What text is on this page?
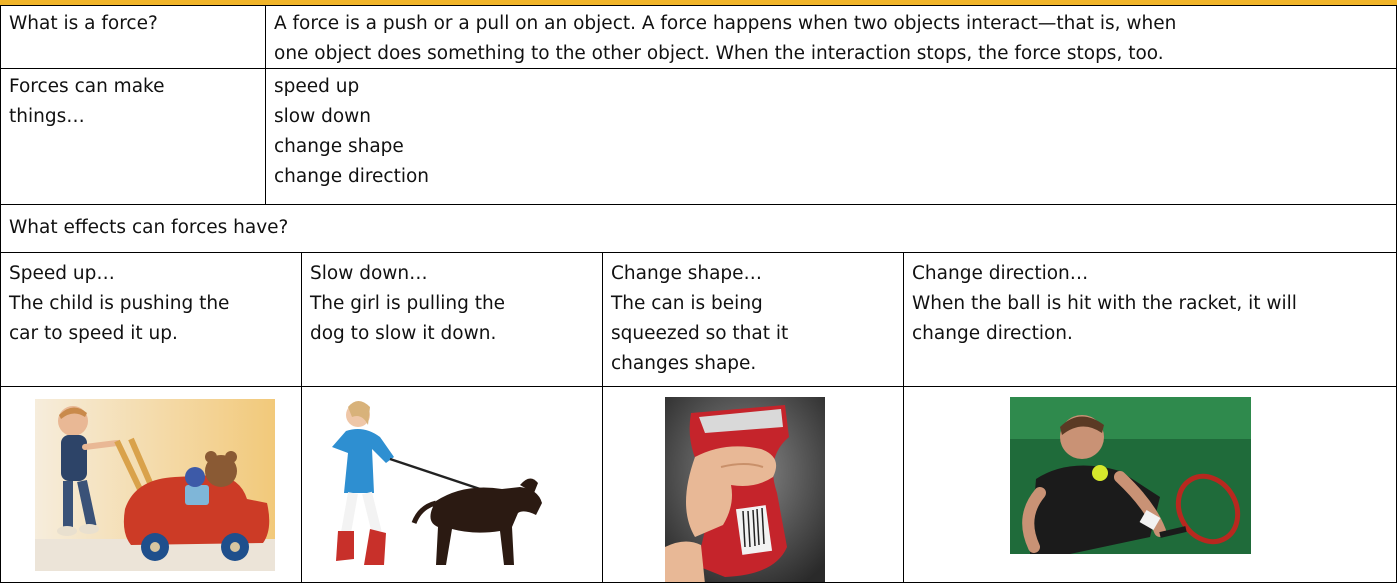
What is a force?	A force is a push or a pull on an object. A force happens when two objects interact—that is, when
one object does something to the other object. When the interaction stops, the force stops, too.
Forces can make
things…
speed up
slow down
change shape
change direction
What effects can forces have?
Speed up…
The child is pushing the
car to speed it up.
Slow down…
The girl is pulling the
dog to slow it down.
Change shape…
The can is being
squeezed so that it
changes shape.
Change direction…
When the ball is hit with the racket, it will
change direction.
